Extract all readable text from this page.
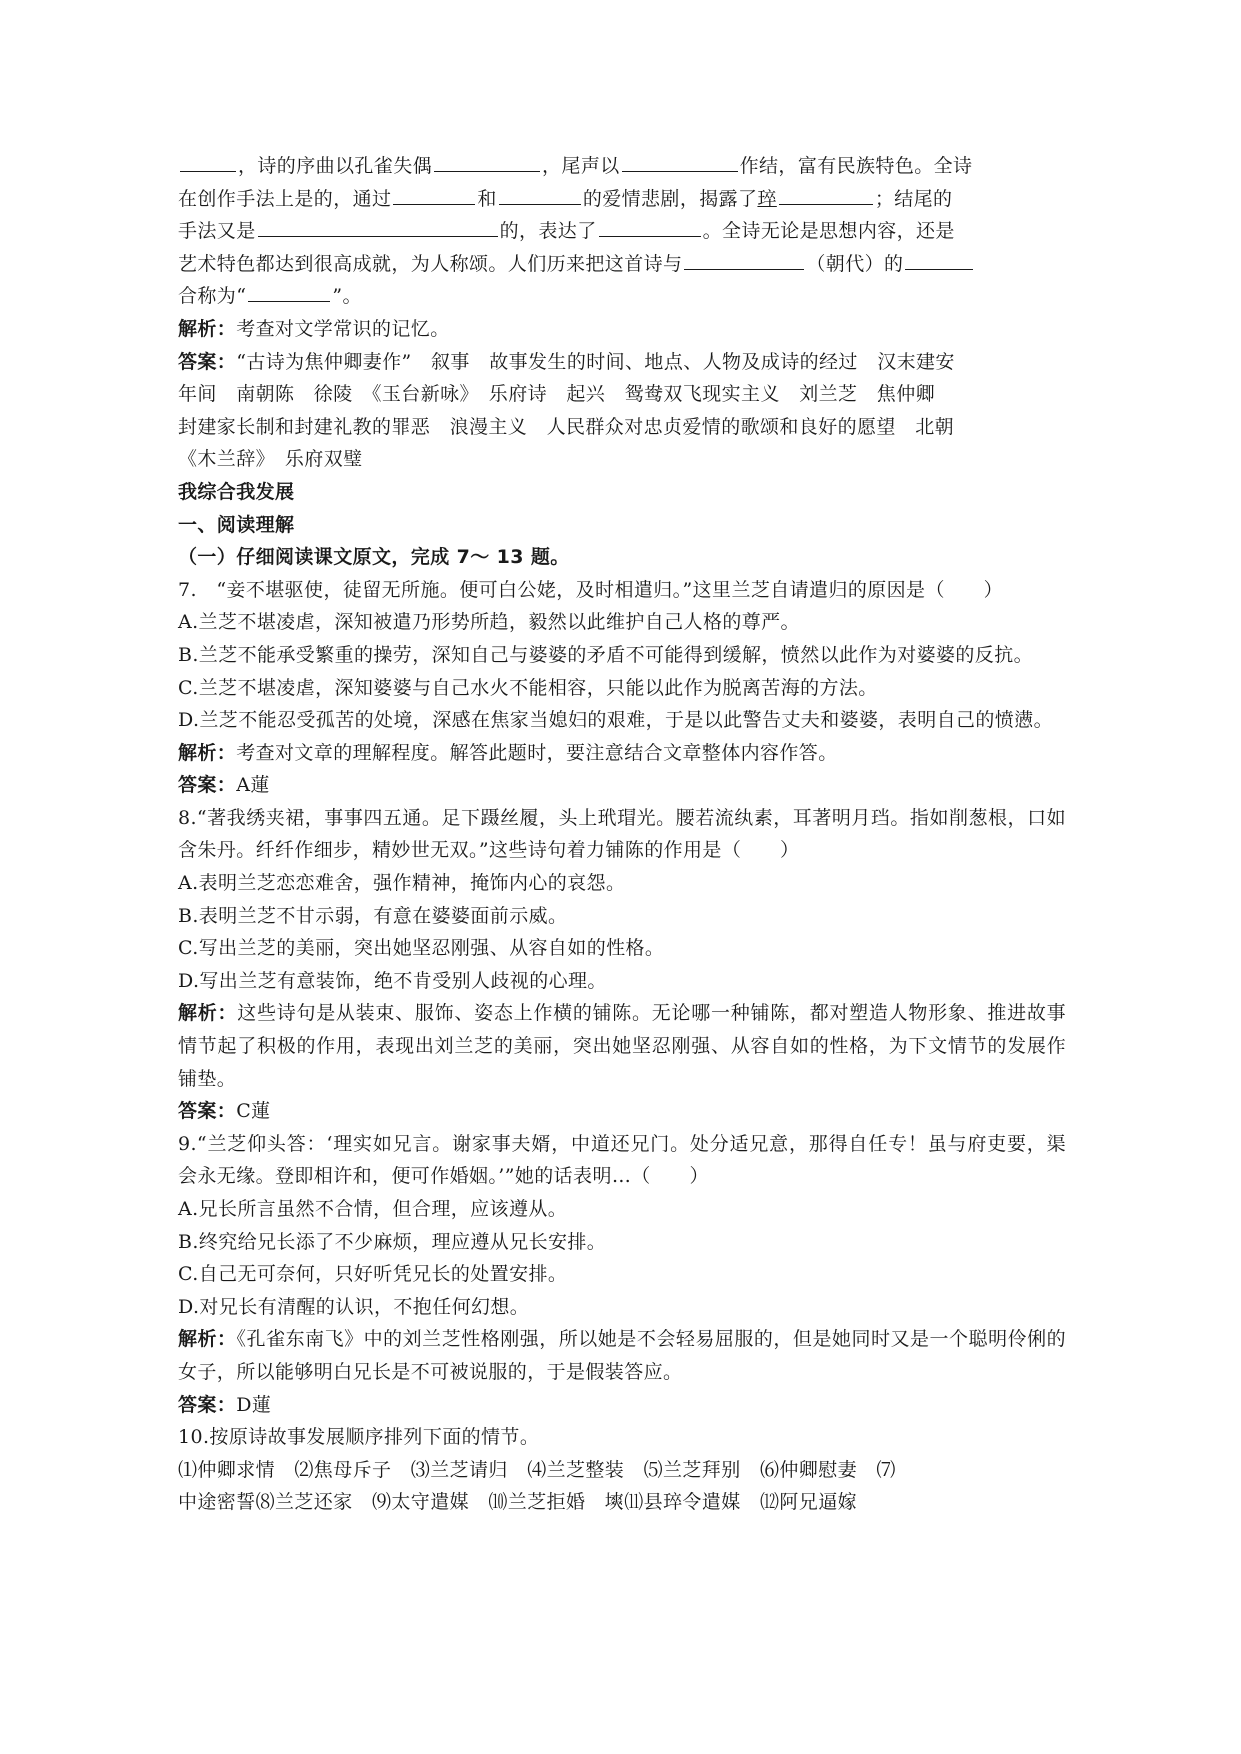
，诗的序曲以孔雀失偶	，尾声以	作结，富有民族特色。全诗
在创作手法上是的，通过	和	的爱情悲剧，揭露了琗	；结尾的
手法又是	的，表达了	。全诗无论是思想内容，还是
艺术特色都达到很高成就，为人称颂。人们历来把这首诗与	（朝代）的
合称为“	”。
解析：考查对文学常识的记忆。
答案：“古诗为焦仲卿妻作”　叙事　故事发生的时间、地点、人物及成诗的经过　汉末建安
年间　南朝陈　徐陵　《玉台新咏》　乐府诗　起兴　鸳鸯双飞现实主义　刘兰芝　焦仲卿
封建家长制和封建礼教的罪恶　浪漫主义　人民群众对忠贞爱情的歌颂和良好的愿望　北朝
《木兰辞》　乐府双璧
我综合我发展
一、阅读理解
（一）仔细阅读课文原文，完成 7～ 13 题。
7.　“妾不堪驱使，徒留无所施。便可白公姥，及时相遣归。”这里兰芝自请遣归的原因是（　　）
A.兰芝不堪凌虐，深知被遣乃形势所趋，毅然以此维护自己人格的尊严。
B.兰芝不能承受繁重的操劳，深知自己与婆婆的矛盾不可能得到缓解，愤然以此作为对婆婆的反抗。
C.兰芝不堪凌虐，深知婆婆与自己水火不能相容，只能以此作为脱离苦海的方法。
D.兰芝不能忍受孤苦的处境，深感在焦家当媳妇的艰难，于是以此警告丈夫和婆婆，表明自己的愤懑。
解析：考查对文章的理解程度。解答此题时，要注意结合文章整体内容作答。
答案：A蓮
8.“著我绣夹裙，事事四五通。足下蹑丝履，头上玳瑁光。腰若流纨素，耳著明月珰。指如削葱根，口如含朱丹。纤纤作细步，精妙世无双。”这些诗句着力铺陈的作用是（　　）
A.表明兰芝恋恋难舍，强作精神，掩饰内心的哀怨。
B.表明兰芝不甘示弱，有意在婆婆面前示威。
C.写出兰芝的美丽，突出她坚忍刚强、从容自如的性格。
D.写出兰芝有意装饰，绝不肯受别人歧视的心理。
解析：这些诗句是从装束、服饰、姿态上作横的铺陈。无论哪一种铺陈，都对塑造人物形象、推进故事情节起了积极的作用，表现出刘兰芝的美丽，突出她坚忍刚强、从容自如的性格，为下文情节的发展作铺垫。
答案：C蓮
9.“兰芝仰头答：‘理实如兄言。谢家事夫婿，中道还兄门。处分适兄意，那得自任专！虽与府吏要，渠会永无缘。登即相许和，便可作婚姻。’”她的话表明…（　　）
A.兄长所言虽然不合情，但合理，应该遵从。
B.终究给兄长添了不少麻烦，理应遵从兄长安排。
C.自己无可奈何，只好听凭兄长的处置安排。
D.对兄长有清醒的认识，不抱任何幻想。
解析：《孔雀东南飞》中的刘兰芝性格刚强，所以她是不会轻易屈服的，但是她同时又是一个聪明伶俐的女子，所以能够明白兄长是不可被说服的，于是假装答应。
答案：D蓮
10.按原诗故事发展顺序排列下面的情节。
⑴仲卿求情　⑵焦母斥子　⑶兰芝请归　⑷兰芝整装　⑸兰芝拜别　⑹仲卿慰妻　⑺
中途密誓⑻兰芝还家　⑼太守遣媒　⑽兰芝拒婚　塽⑾县琗令遣媒　⑿阿兄逼嫁
